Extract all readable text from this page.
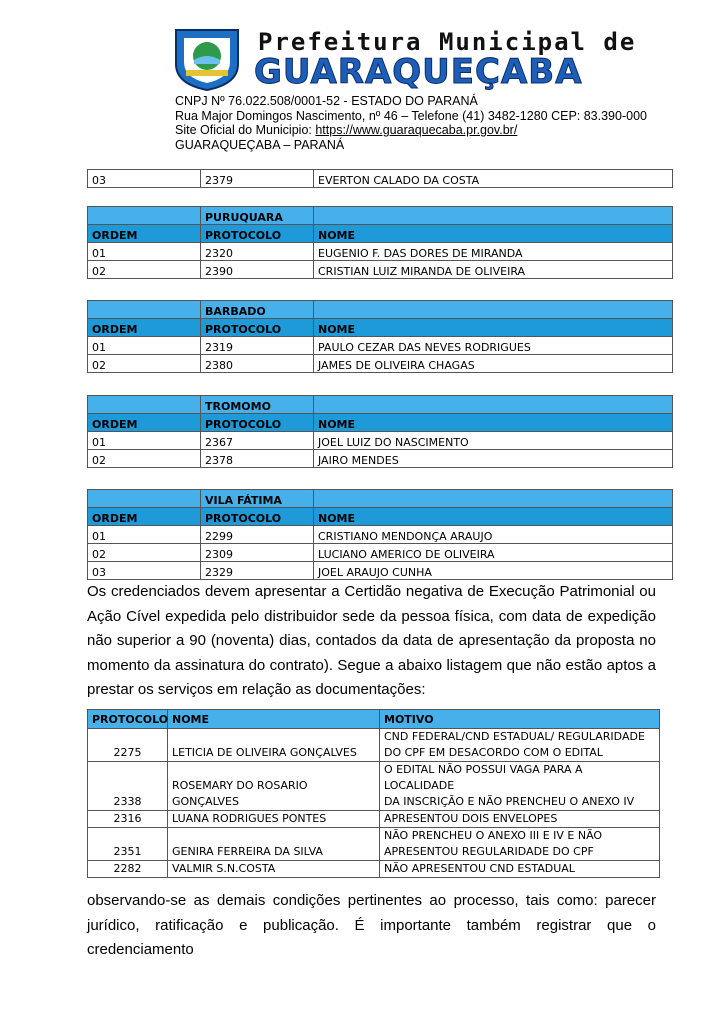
Prefeitura Municipal de
GUARAQUEÇABA
CNPJ Nº 76.022.508/0001-52 - ESTADO DO PARANÁ
Rua Major Domingos Nascimento, nº 46 – Telefone (41) 3482-1280 CEP: 83.390-000
Site Oficial do Municipio: https://www.guaraquecaba.pr.gov.br/
GUARAQUEÇABA – PARANÁ
03	2379	EVERTON CALADO DA COSTA
	PURUQUARA	
ORDEM	PROTOCOLO	NOME
01	2320	EUGENIO F. DAS DORES DE MIRANDA
02	2390	CRISTIAN LUIZ MIRANDA DE OLIVEIRA
	BARBADO	
ORDEM	PROTOCOLO	NOME
01	2319	PAULO CEZAR DAS NEVES RODRIGUES
02	2380	JAMES DE OLIVEIRA CHAGAS
	TROMOMO	
ORDEM	PROTOCOLO	NOME
01	2367	JOEL LUIZ DO NASCIMENTO
02	2378	JAIRO MENDES
	VILA FÁTIMA	
ORDEM	PROTOCOLO	NOME
01	2299	CRISTIANO MENDONÇA ARAUJO
02	2309	LUCIANO AMERICO DE OLIVEIRA
03	2329	JOEL ARAUJO CUNHA
Os credenciados devem apresentar a Certidão negativa de Execução Patrimonial ou Ação Cível expedida pelo distribuidor sede da pessoa física, com data de expedição não superior a 90 (noventa) dias, contados da data de apresentação da proposta no momento da assinatura do contrato). Segue a abaixo listagem que não estão aptos a prestar os serviços em relação as documentações:
PROTOCOLO	NOME	MOTIVO
2275	LETICIA DE OLIVEIRA GONÇALVES	CND FEDERAL/CND ESTADUAL/ REGULARIDADE
DO CPF EM DESACORDO COM O EDITAL

2338	ROSEMARY DO ROSARIO GONÇALVES	O EDITAL NÃO POSSUI VAGA PARA A LOCALIDADE
DA INSCRIÇÃO E NÃO PRENCHEU O ANEXO IV

2316	LUANA RODRIGUES PONTES	APRESENTOU DOIS ENVELOPES

2351	GENIRA FERREIRA DA SILVA	NÃO PRENCHEU O ANEXO III E IV E NÃO
APRESENTOU REGULARIDADE DO CPF

2282	VALMIR S.N.COSTA	NÃO APRESENTOU CND ESTADUAL
observando-se as demais condições pertinentes ao processo, tais como: parecer jurídico, ratificação e publicação. É importante também registrar que o credenciamento
